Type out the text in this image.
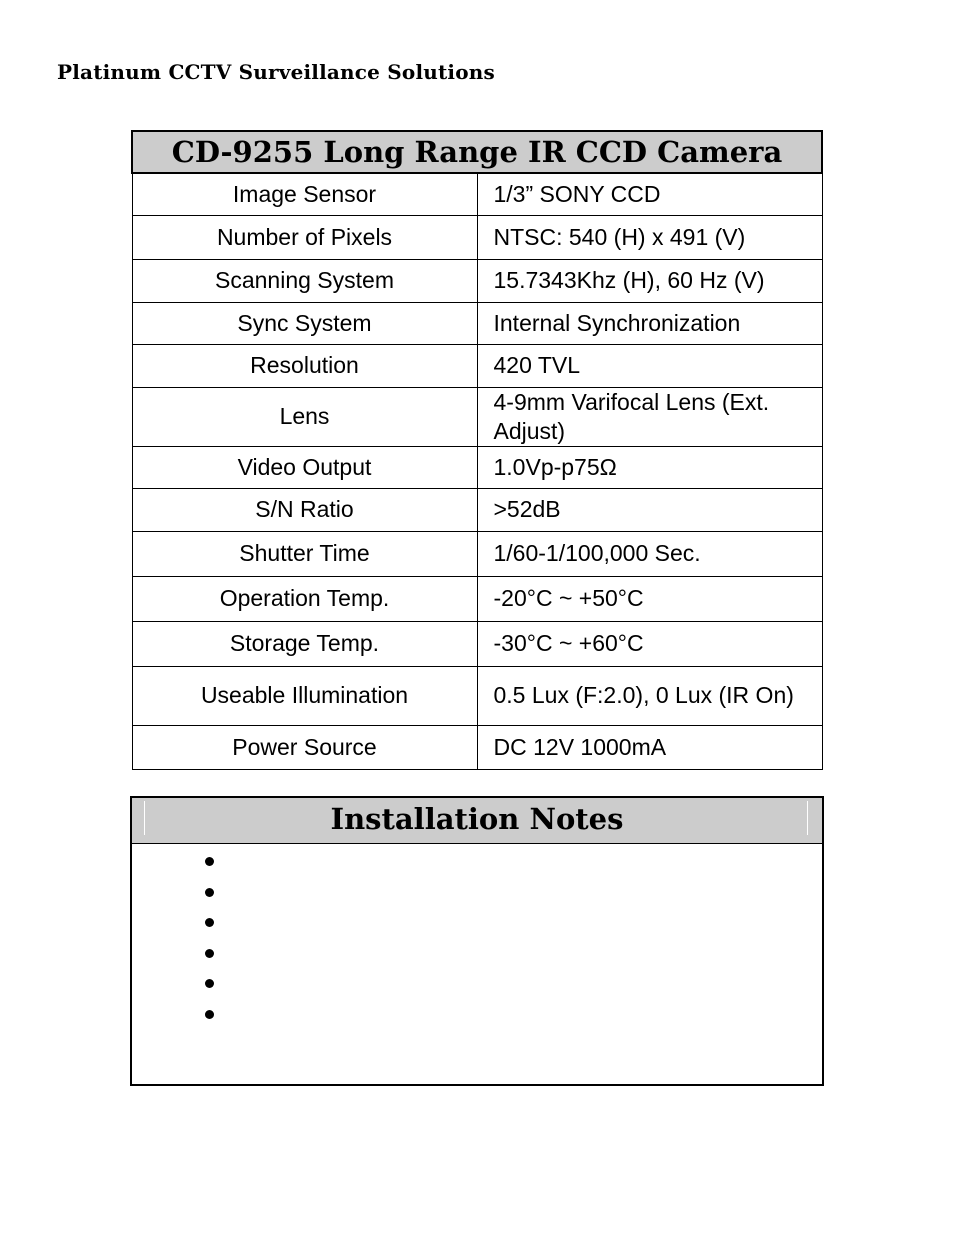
Platinum CCTV Surveillance Solutions
CD-9255 Long Range IR CCD Camera	
Image Sensor	1/3” SONY CCD
Number of Pixels	NTSC: 540 (H) x 491 (V)
Scanning System	15.7343Khz (H), 60 Hz (V)
Sync System	Internal Synchronization
Resolution	420 TVL
Lens	4-9mm Varifocal Lens (Ext. Adjust)
Video Output	1.0Vp-p75Ω
S/N Ratio	>52dB
Shutter Time	1/60-1/100,000 Sec.
Operation Temp.	-20°C ~ +50°C
Storage Temp.	-30°C ~ +60°C
Useable Illumination	0.5 Lux (F:2.0), 0 Lux (IR On)
Power Source	DC 12V 1000mA
Installation Notes
